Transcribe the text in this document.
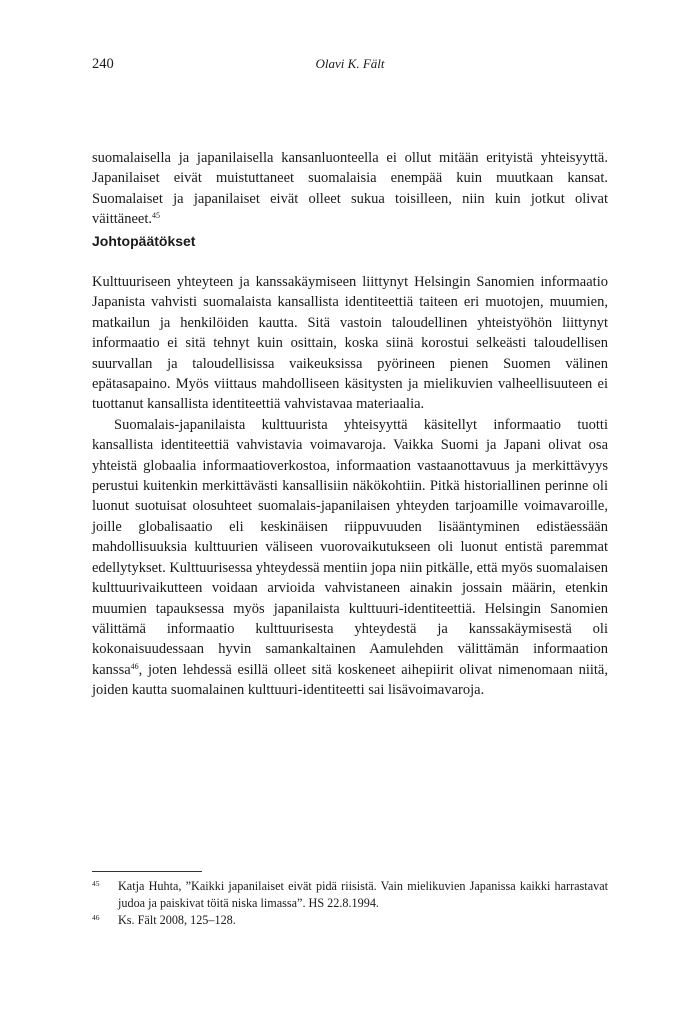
240	Olavi K. Fält

suomalaisella ja japanilaisella kansanluonteella ei ollut mitään erityistä yhteisyyttä. Japanilaiset eivät muistuttaneet suomalaisia enempää kuin muutkaan kansat. Suomalaiset ja japanilaiset eivät olleet sukua toisilleen, niin kuin jotkut olivat väittäneet.$^{45}$

Johtopäätökset

Kulttuuriseen yhteyteen ja kanssakäymiseen liittynyt Helsingin Sanomien informaatio Japanista vahvisti suomalaista kansallista identiteettiä taiteen eri muotojen, muumien, matkailun ja henkilöiden kautta. Sitä vastoin taloudellinen yhteistyöhön liittynyt informaatio ei sitä tehnyt kuin osittain, koska siinä korostui selkeästi taloudellisen suurvallan ja taloudellisissa vaikeuksissa pyörineen pienen Suomen välinen epätasapaino. Myös viittaus mahdolliseen käsitysten ja mielikuvien valheellisuuteen ei tuottanut kansallista identiteettiä vahvistavaa materiaalia.

Suomalais-japanilaista kulttuurista yhteisyyttä käsitellyt informaatio tuotti kansallista identiteettiä vahvistavia voimavaroja. Vaikka Suomi ja Japani olivat osa yhteistä globaalia informaatioverkostoa, informaation vastaanottavuus ja merkittävyys perustui kuitenkin merkittävästi kansallisiin näkökohtiin. Pitkä historiallinen perinne oli luonut suotuisat olosuhteet suomalais-japanilaisen yhteyden tarjoamille voimavaroille, joille globalisaatio eli keskinäisen riippuvuuden lisääntyminen edistäessään mahdollisuuksia kulttuurien väliseen vuorovaikutukseen oli luonut entistä paremmat edellytykset. Kulttuurisessa yhteydessä mentiin jopa niin pitkälle, että myös suomalaisen kulttuurivaikutteen voidaan arvioida vahvistaneen ainakin jossain määrin, etenkin muumien tapauksessa myös japanilaista kulttuuri-identiteettiä. Helsingin Sanomien välittämä informaatio kulttuurisesta yhteydestä ja kanssakäymisestä oli kokonaisuudessaan hyvin samankaltainen Aamulehden välittämän informaation kanssa$^{46}$, joten lehdessä esillä olleet sitä koskeneet aihepiirit olivat nimenomaan niitä, joiden kautta suomalainen kulttuuri-identiteetti sai lisävoimavaroja.

45 Katja Huhta, ”Kaikki japanilaiset eivät pidä riisistä. Vain mielikuvien Japanissa kaikki harrastavat judoa ja paiskivat töitä niska limassa”. HS 22.8.1994.
46 Ks. Fält 2008, 125–128.
